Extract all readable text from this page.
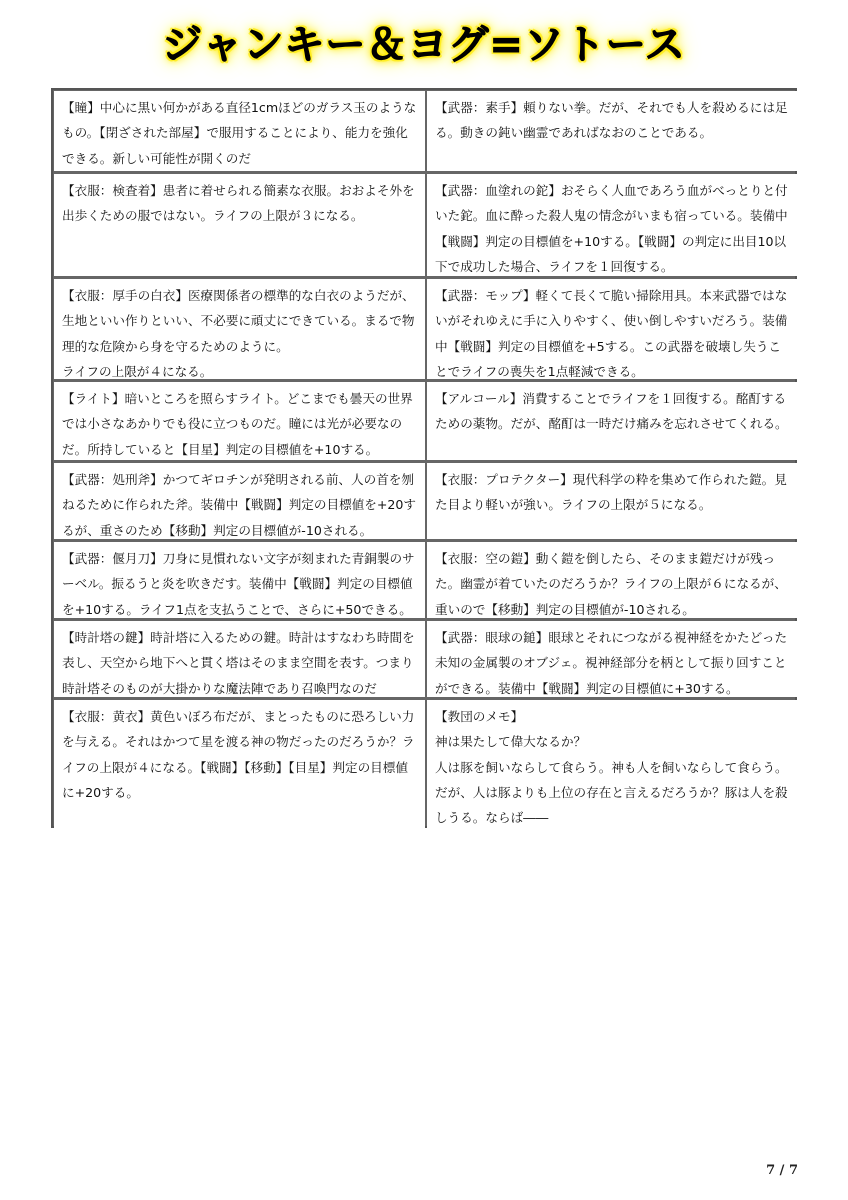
ジャンキー＆ヨグ=ソトース

【瞳】中心に黒い何かがある直径1cmほどのガラス玉のようなもの。【閉ざされた部屋】で服用することにより、能力を強化できる。新しい可能性が開くのだ

【武器：素手】頼りない拳。だが、それでも人を殺めるには足る。動きの鈍い幽霊であればなおのことである。

【衣服：検査着】患者に着せられる簡素な衣服。おおよそ外を出歩くための服ではない。ライフの上限が３になる。

【武器：血塗れの鉈】おそらく人血であろう血がべっとりと付いた鉈。血に酔った殺人鬼の情念がいまも宿っている。装備中【戦闘】判定の目標値を+10する。【戦闘】の判定に出目10以下で成功した場合、ライフを１回復する。

【衣服：厚手の白衣】医療関係者の標準的な白衣のようだが、生地といい作りといい、不必要に頑丈にできている。まるで物理的な危険から身を守るためのように。

ライフの上限が４になる。

【武器：モップ】軽くて長くて脆い掃除用具。本来武器ではないがそれゆえに手に入りやすく、使い倒しやすいだろう。装備中【戦闘】判定の目標値を+5する。この武器を破壊し失うことでライフの喪失を1点軽減できる。

【ライト】暗いところを照らすライト。どこまでも曇天の世界では小さなあかりでも役に立つものだ。瞳には光が必要なのだ。所持していると【目星】判定の目標値を+10する。

【アルコール】消費することでライフを１回復する。酩酊するための薬物。だが、酩酊は一時だけ痛みを忘れさせてくれる。

【武器：処刑斧】かつてギロチンが発明される前、人の首を刎ねるために作られた斧。装備中【戦闘】判定の目標値を+20するが、重さのため【移動】判定の目標値が-10される。

【衣服：プロテクター】現代科学の粋を集めて作られた鎧。見た目より軽いが強い。ライフの上限が５になる。

【武器：偃月刀】刀身に見慣れない文字が刻まれた青銅製のサーベル。振るうと炎を吹きだす。装備中【戦闘】判定の目標値を+10する。ライフ1点を支払うことで、さらに+50できる。

【衣服：空の鎧】動く鎧を倒したら、そのまま鎧だけが残った。幽霊が着ていたのだろうか？ライフの上限が６になるが、重いので【移動】判定の目標値が-10される。

【時計塔の鍵】時計塔に入るための鍵。時計はすなわち時間を表し、天空から地下へと貫く塔はそのまま空間を表す。つまり時計塔そのものが大掛かりな魔法陣であり召喚門なのだ

【武器：眼球の鎚】眼球とそれにつながる視神経をかたどった未知の金属製のオブジェ。視神経部分を柄として振り回すことができる。装備中【戦闘】判定の目標値に+30する。

【衣服：黄衣】黄色いぼろ布だが、まとったものに恐ろしい力を与える。それはかつて星を渡る神の物だったのだろうか？ライフの上限が４になる。【戦闘】【移動】【目星】判定の目標値に+20する。

【教団のメモ】

神は果たして偉大なるか？

人は豚を飼いならして食らう。神も人を飼いならして食らう。

だが、人は豚よりも上位の存在と言えるだろうか？豚は人を殺しうる。ならば――

7 / 7
